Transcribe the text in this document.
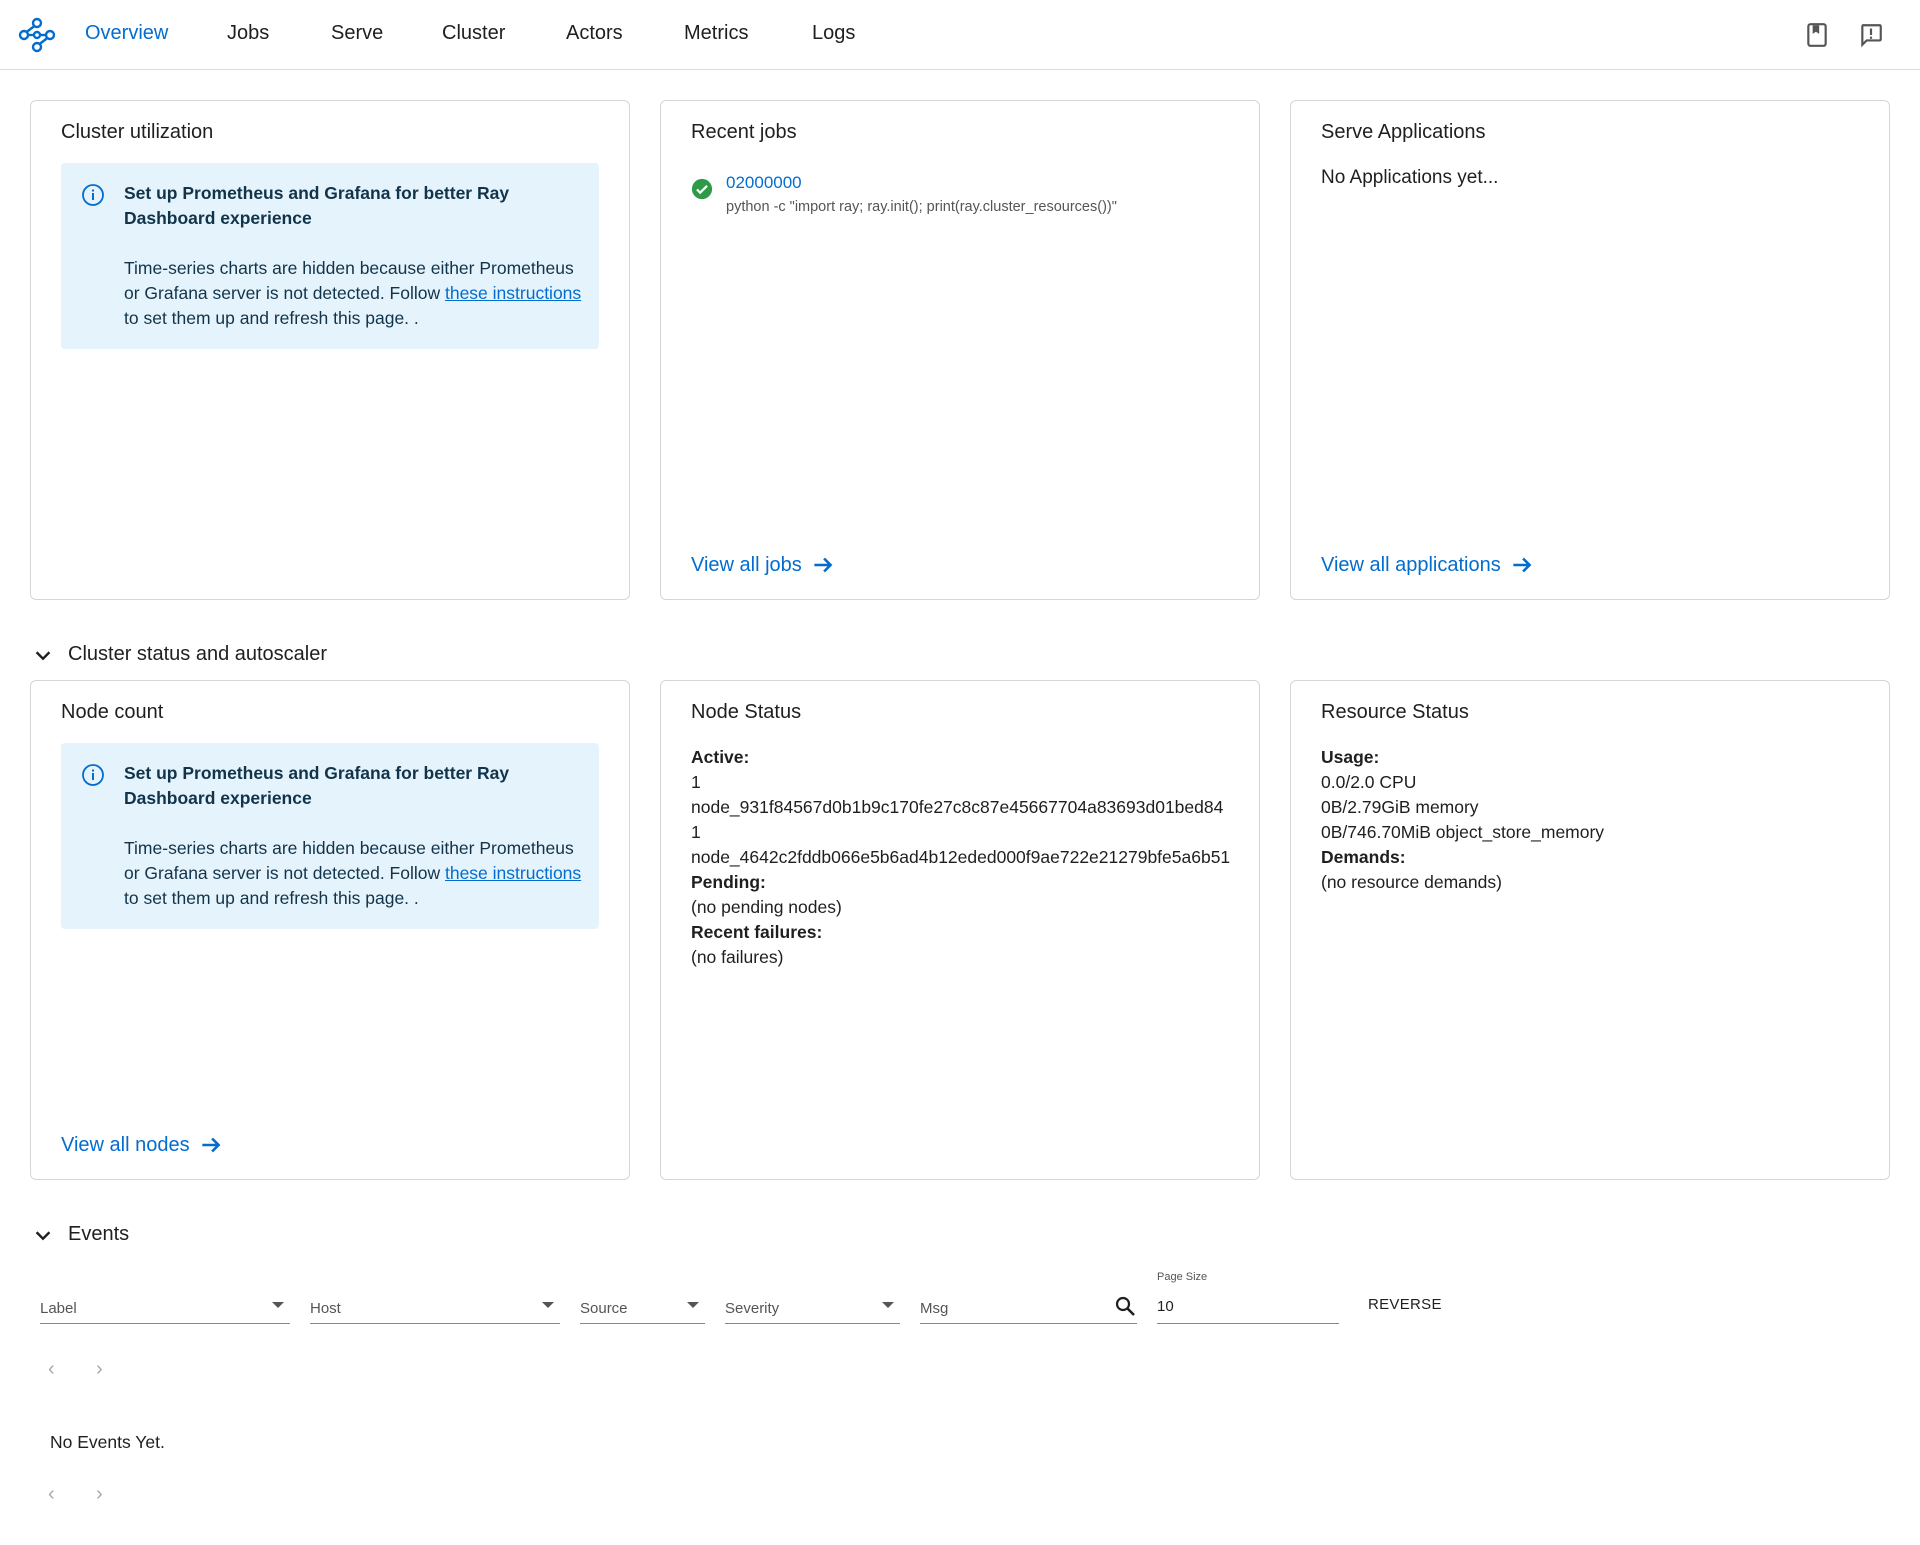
Overview	Jobs	Serve	Cluster	Actors	Metrics	Logs
Cluster utilization
Set up Prometheus and Grafana for better Ray Dashboard experience
Time-series charts are hidden because either Prometheus or Grafana server is not detected. Follow these instructions to set them up and refresh this page. .
Recent jobs
02000000
python -c "import ray; ray.init(); print(ray.cluster_resources())"
View all jobs
Serve Applications
No Applications yet...
View all applications
Cluster status and autoscaler
Node count
Set up Prometheus and Grafana for better Ray Dashboard experience
Time-series charts are hidden because either Prometheus or Grafana server is not detected. Follow these instructions to set them up and refresh this page. .
View all nodes
Node Status
Active:
1
node_931f84567d0b1b9c170fe27c8c87e45667704a83693d01bed84
1
node_4642c2fddb066e5b6ad4b12eded000f9ae722e21279bfe5a6b51
Pending:
(no pending nodes)
Recent failures:
(no failures)
Resource Status
Usage:
0.0/2.0 CPU
0B/2.79GiB memory
0B/746.70MiB object_store_memory
Demands:
(no resource demands)
Events
Label	Host	Source	Severity	Msg
Page Size
10	REVERSE
‹ ›
No Events Yet.
‹ ›
